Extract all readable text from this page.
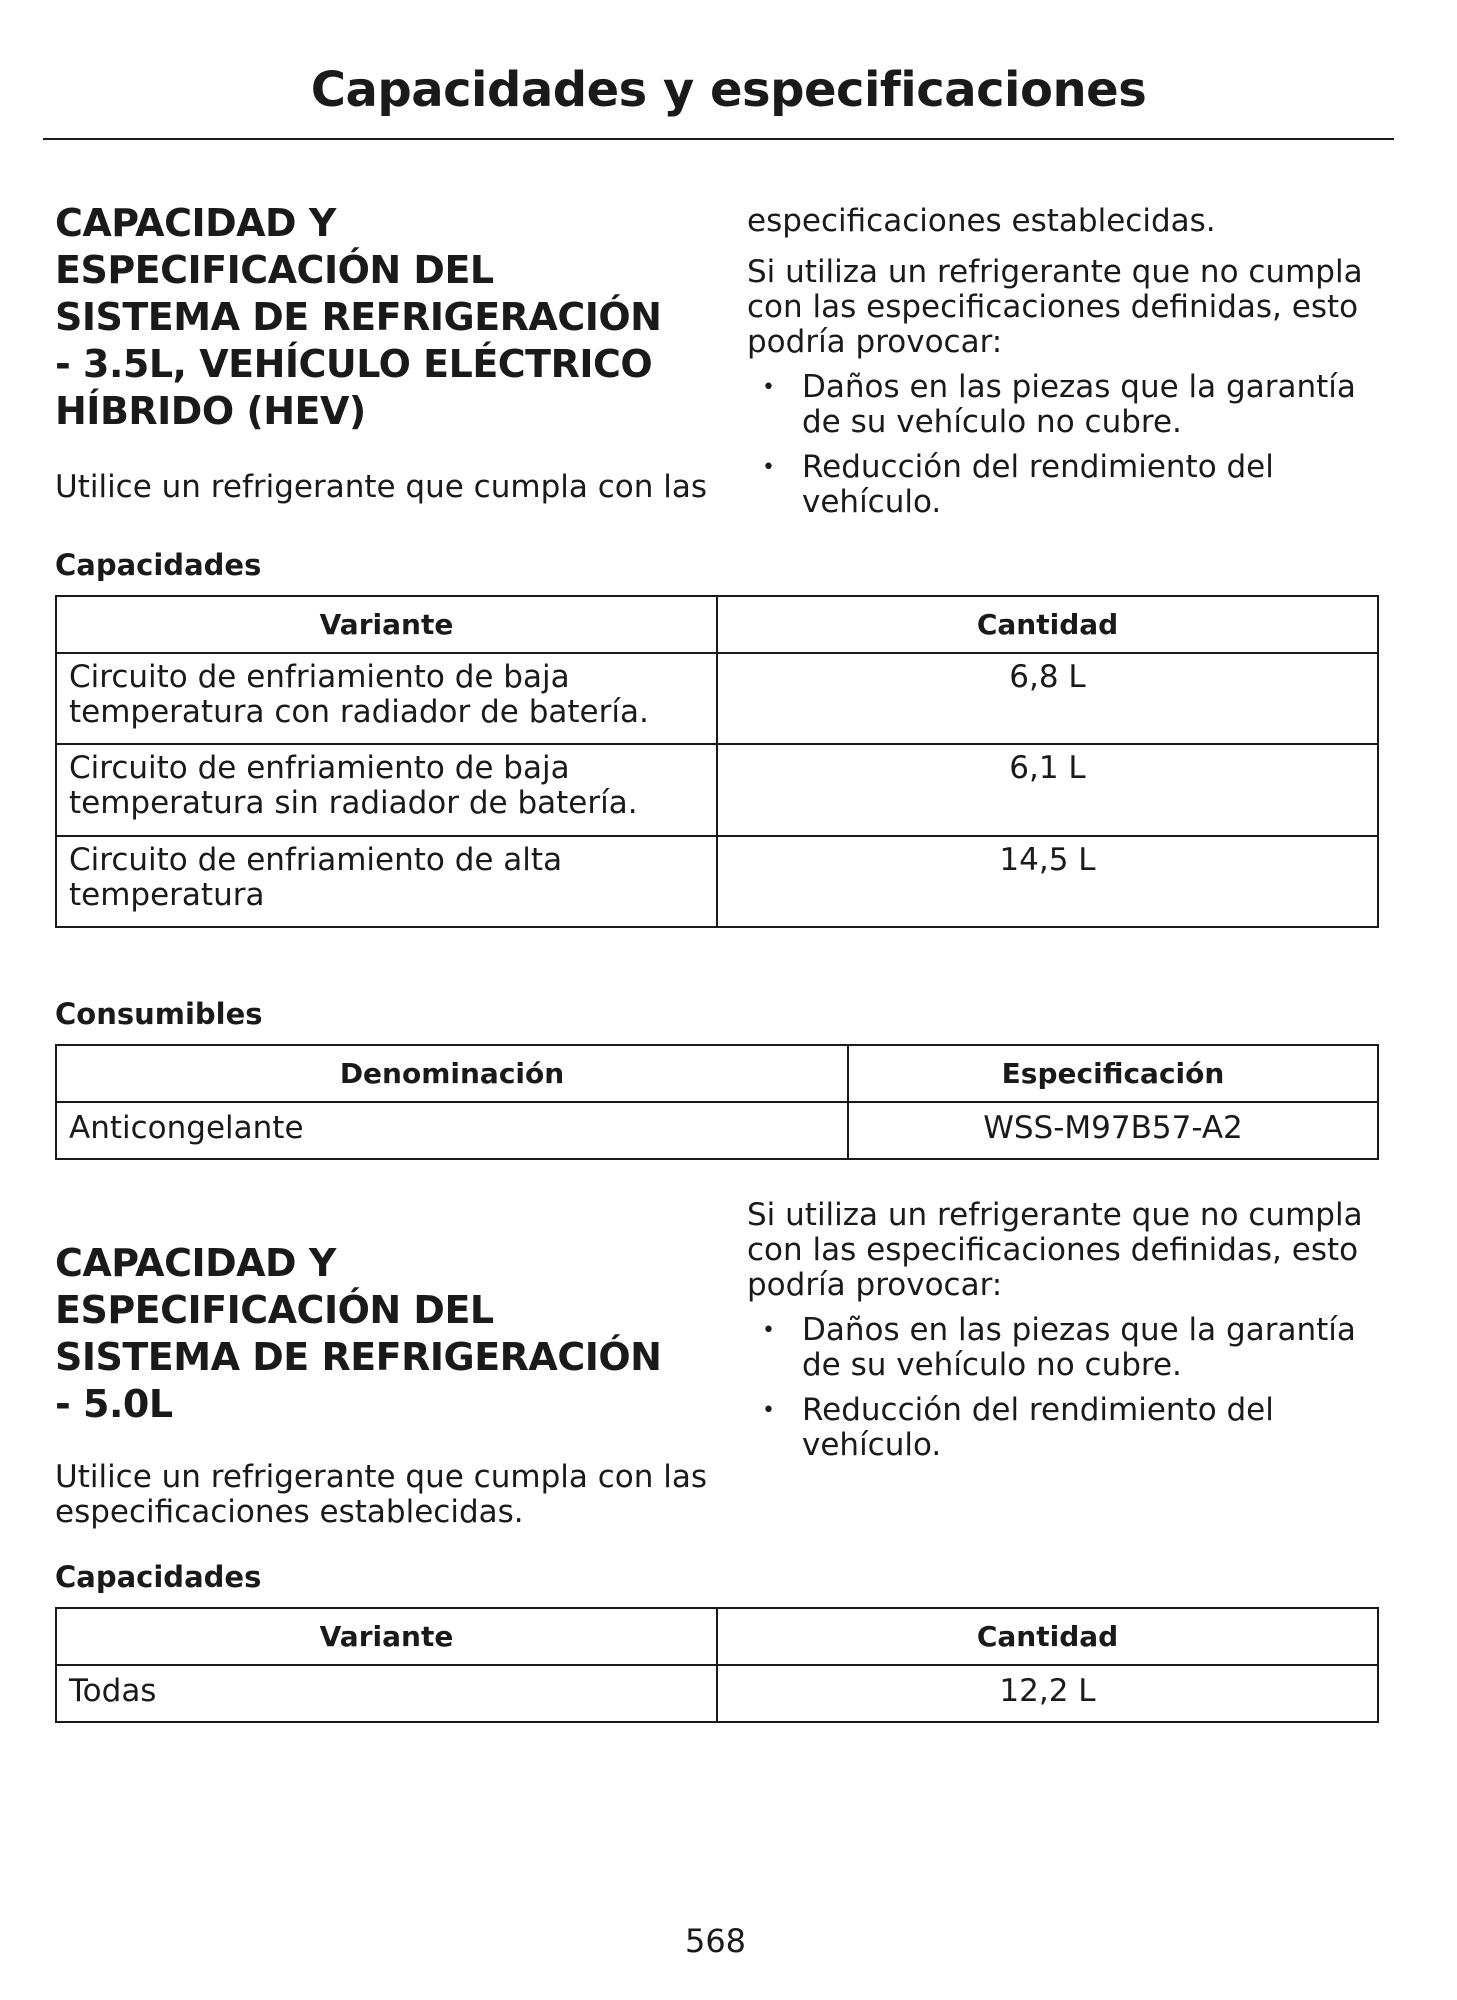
Capacidades y especificaciones
CAPACIDAD Y
ESPECIFICACIÓN DEL
SISTEMA DE REFRIGERACIÓN
- 3.5L, VEHÍCULO ELÉCTRICO
HÍBRIDO (HEV)

Utilice un refrigerante que cumpla con las

especificaciones establecidas.

Si utiliza un refrigerante que no cumpla con las especificaciones definidas, esto podría provocar:

• Daños en las piezas que la garantía de su vehículo no cubre.
• Reducción del rendimiento del vehículo.
Capacidades
Variante	Cantidad
Circuito de enfriamiento de baja temperatura con radiador de batería.	6,8 L
Circuito de enfriamiento de baja temperatura sin radiador de batería.	6,1 L
Circuito de enfriamiento de alta temperatura	14,5 L
Consumibles
Denominación	Especificación
Anticongelante	WSS-M97B57-A2
CAPACIDAD Y
ESPECIFICACIÓN DEL
SISTEMA DE REFRIGERACIÓN
- 5.0L

Utilice un refrigerante que cumpla con las especificaciones establecidas.

Si utiliza un refrigerante que no cumpla con las especificaciones definidas, esto podría provocar:

• Daños en las piezas que la garantía de su vehículo no cubre.
• Reducción del rendimiento del vehículo.
Capacidades
Variante	Cantidad
Todas	12,2 L
568
